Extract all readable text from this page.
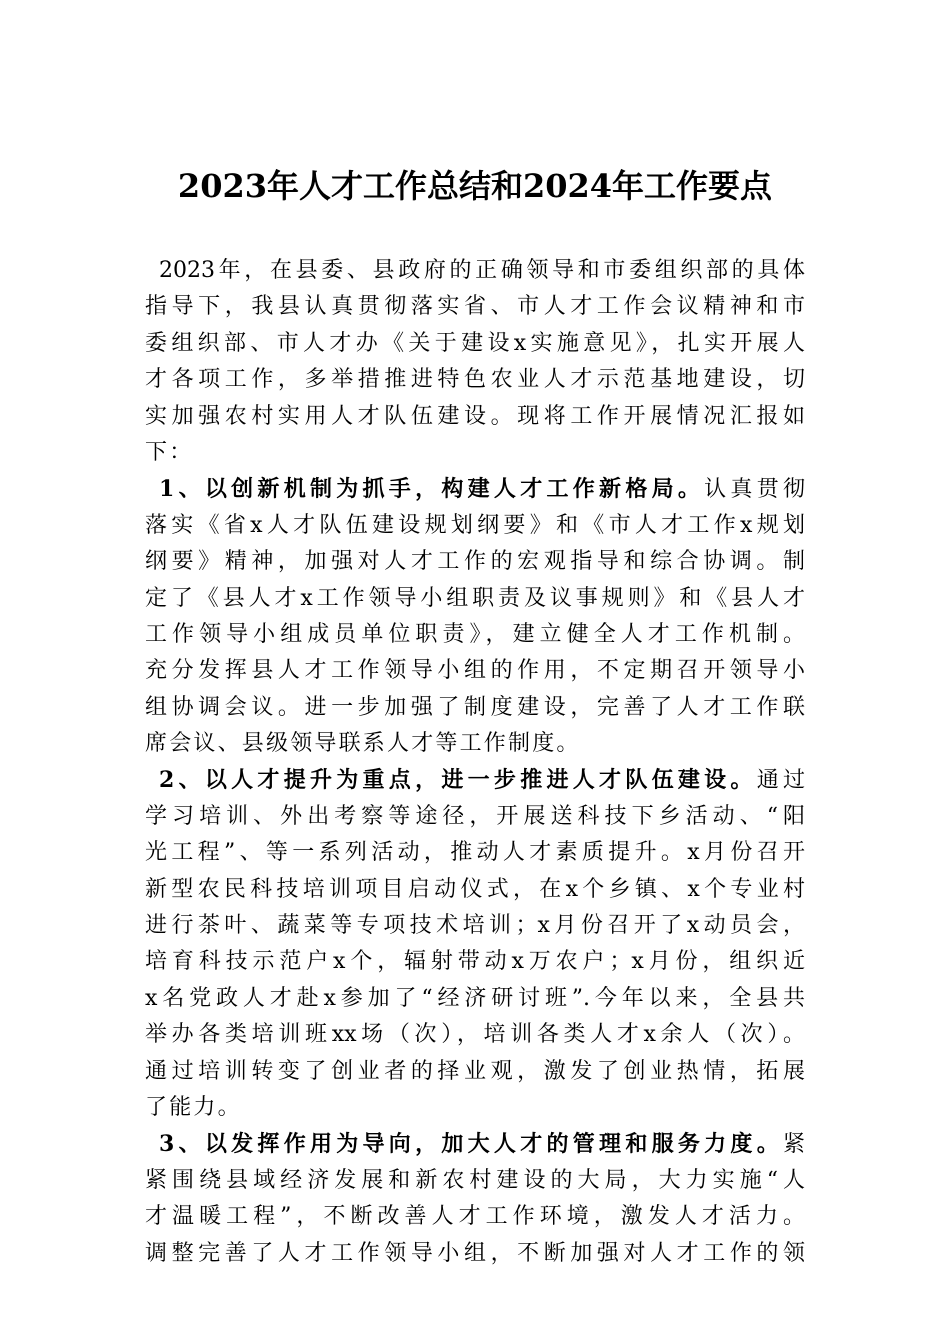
2023年人才工作总结和2024年工作要点
2023年，在县委、县政府的正确领导和市委组织部的具体
指导下，我县认真贯彻落实省、市人才工作会议精神和市
委组织部、市人才办《关于建设x实施意见》，扎实开展人
才各项工作，多举措推进特色农业人才示范基地建设，切
实加强农村实用人才队伍建设。现将工作开展情况汇报如
下：
1、以创新机制为抓手，构建人才工作新格局。认真贯彻
落实《省x人才队伍建设规划纲要》和《市人才工作x规划
纲要》精神，加强对人才工作的宏观指导和综合协调。制
定了《县人才x工作领导小组职责及议事规则》和《县人才
工作领导小组成员单位职责》，建立健全人才工作机制。
充分发挥县人才工作领导小组的作用，不定期召开领导小
组协调会议。进一步加强了制度建设，完善了人才工作联
席会议、县级领导联系人才等工作制度。
2、以人才提升为重点，进一步推进人才队伍建设。通过
学习培训、外出考察等途径，开展送科技下乡活动、“阳
光工程”、等一系列活动，推动人才素质提升。x月份召开
新型农民科技培训项目启动仪式，在x个乡镇、x个专业村
进行茶叶、蔬菜等专项技术培训；x月份召开了x动员会，
培育科技示范户x个，辐射带动x万农户；x月份，组织近
x名党政人才赴x参加了“经济研讨班”.今年以来，全县共
举办各类培训班xx场（次），培训各类人才x余人（次）。
通过培训转变了创业者的择业观，激发了创业热情，拓展
了能力。
3、以发挥作用为导向，加大人才的管理和服务力度。紧
紧围绕县域经济发展和新农村建设的大局，大力实施“人
才温暖工程”，不断改善人才工作环境，激发人才活力。
调整完善了人才工作领导小组，不断加强对人才工作的领
